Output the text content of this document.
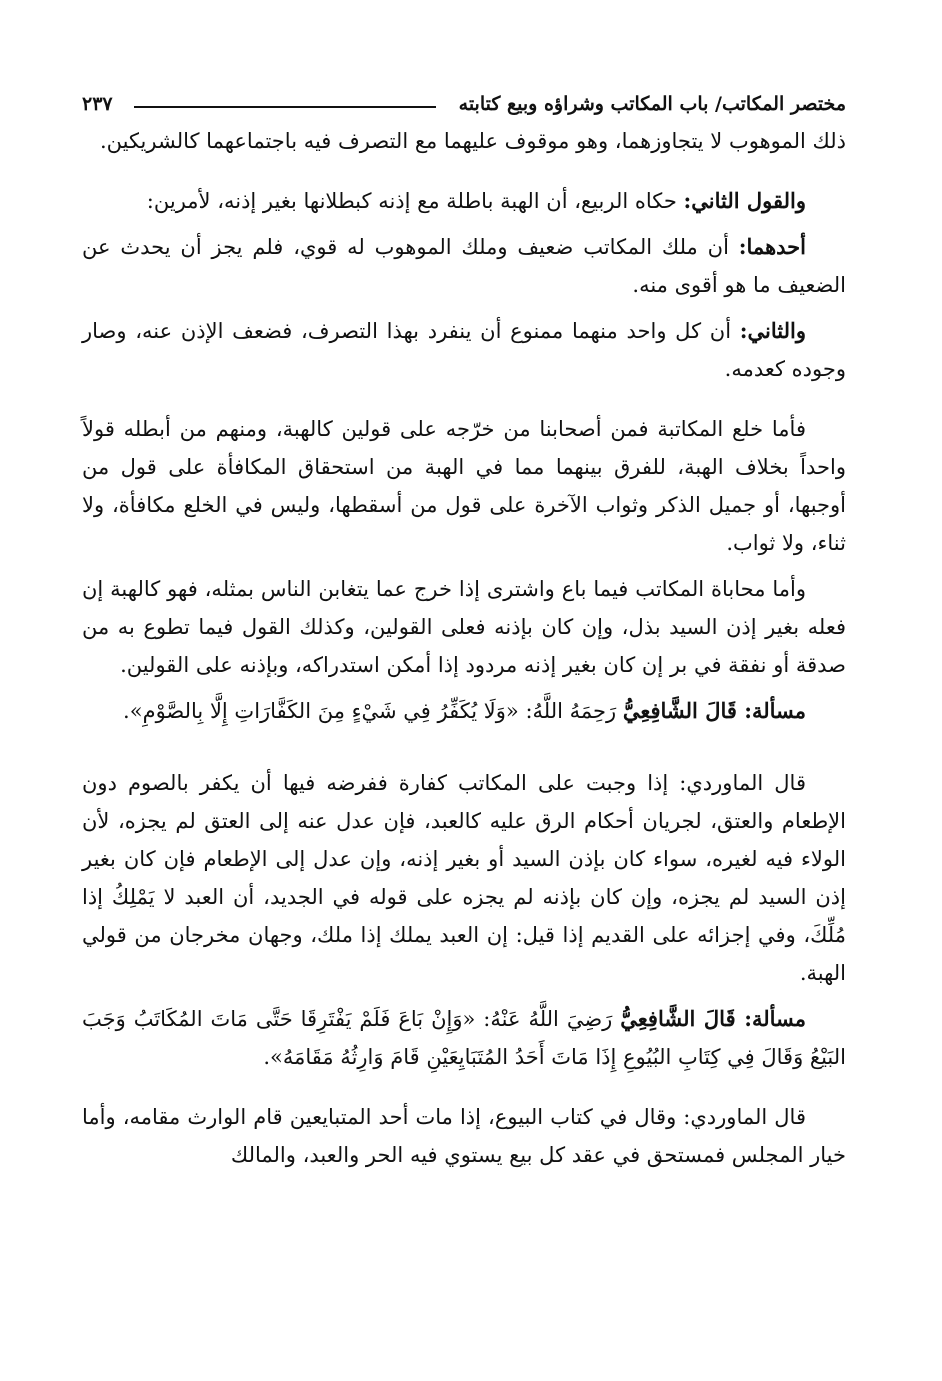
مختصر المكاتب/ باب المكاتب وشراؤه وبيع كتابته
٢٣٧

ذلك الموهوب لا يتجاوزهما، وهو موقوف عليهما مع التصرف فيه باجتماعهما كالشريكين.

والقول الثاني: حكاه الربيع، أن الهبة باطلة مع إذنه كبطلانها بغير إذنه، لأمرين:

أحدهما: أن ملك المكاتب ضعيف وملك الموهوب له قوي، فلم يجز أن يحدث عن الضعيف ما هو أقوى منه.

والثاني: أن كل واحد منهما ممنوع أن ينفرد بهذا التصرف، فضعف الإذن عنه، وصار وجوده كعدمه.

فأما خلع المكاتبة فمن أصحابنا من خرّجه على قولين كالهبة، ومنهم من أبطله قولاً واحداً بخلاف الهبة، للفرق بينهما مما في الهبة من استحقاق المكافأة على قول من أوجبها، أو جميل الذكر وثواب الآخرة على قول من أسقطها، وليس في الخلع مكافأة، ولا ثناء، ولا ثواب.

وأما محاباة المكاتب فيما باع واشترى إذا خرج عما يتغابن الناس بمثله، فهو كالهبة إن فعله بغير إذن السيد بذل، وإن كان بإذنه فعلى القولين، وكذلك القول فيما تطوع به من صدقة أو نفقة في بر إن كان بغير إذنه مردود إذا أمكن استدراكه، وبإذنه على القولين.

مسألة: قَالَ الشَّافِعِيُّ رَحِمَهُ اللَّهُ: «وَلَا يُكَفِّرُ فِي شَيْءٍ مِنَ الكَفَّارَاتِ إِلَّا بِالصَّوْمِ».

قال الماوردي: إذا وجبت على المكاتب كفارة ففرضه فيها أن يكفر بالصوم دون الإطعام والعتق، لجريان أحكام الرق عليه كالعبد، فإن عدل عنه إلى العتق لم يجزه، لأن الولاء فيه لغيره، سواء كان بإذن السيد أو بغير إذنه، وإن عدل إلى الإطعام فإن كان بغير إذن السيد لم يجزه، وإن كان بإذنه لم يجزه على قوله في الجديد، أن العبد لا يَمْلِكُ إذا مُلِّكَ، وفي إجزائه على القديم إذا قيل: إن العبد يملك إذا ملك، وجهان مخرجان من قولي الهبة.

مسألة: قَالَ الشَّافِعِيُّ رَضِيَ اللَّهُ عَنْهُ: «وَإِنْ بَاعَ فَلَمْ يَفْتَرِقَا حَتَّى مَاتَ المُكَاتَبُ وَجَبَ البَيْعُ وَقَالَ فِي كِتَابِ البُيُوعِ إِذَا مَاتَ أَحَدُ المُتَبَايِعَيْنِ قَامَ وَارِثُهُ مَقَامَهُ».

قال الماوردي: وقال في كتاب البيوع، إذا مات أحد المتبايعين قام الوارث مقامه، وأما خيار المجلس فمستحق في عقد كل بيع يستوي فيه الحر والعبد، والمالك
